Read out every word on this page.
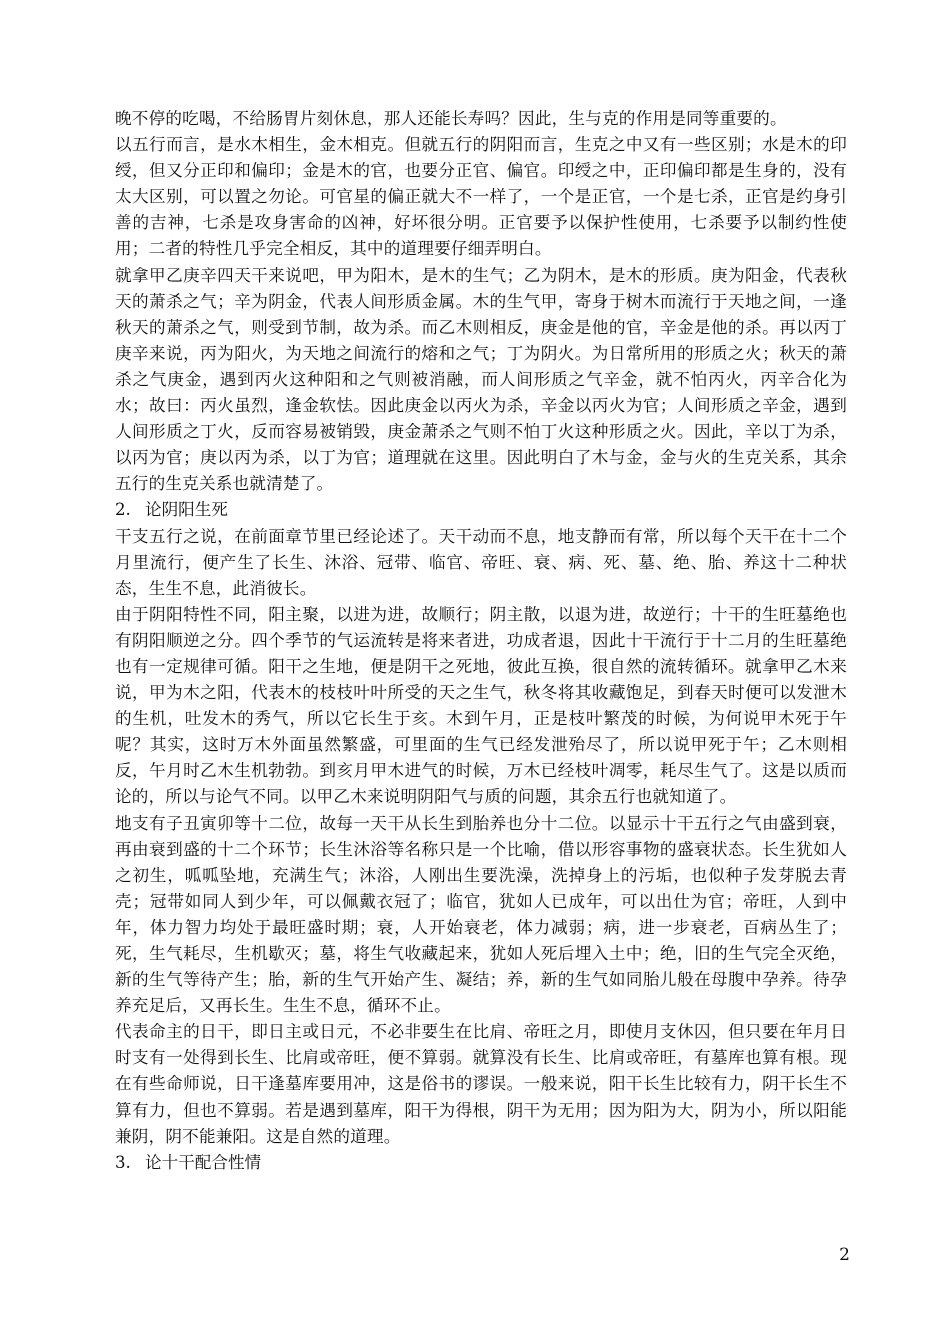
晚不停的吃喝，不给肠胃片刻休息，那人还能长寿吗？因此，生与克的作用是同等重要的。

以五行而言，是水木相生，金木相克。但就五行的阴阳而言，生克之中又有一些区别；水是木的印绶，但又分正印和偏印；金是木的官，也要分正官、偏官。印绶之中，正印偏印都是生身的，没有太大区别，可以置之勿论。可官星的偏正就大不一样了，一个是正官，一个是七杀，正官是约身引善的吉神，七杀是攻身害命的凶神，好坏很分明。正官要予以保护性使用，七杀要予以制约性使用；二者的特性几乎完全相反，其中的道理要仔细弄明白。

就拿甲乙庚辛四天干来说吧，甲为阳木，是木的生气；乙为阴木，是木的形质。庚为阳金，代表秋天的萧杀之气；辛为阴金，代表人间形质金属。木的生气甲，寄身于树木而流行于天地之间，一逢秋天的萧杀之气，则受到节制，故为杀。而乙木则相反，庚金是他的官，辛金是他的杀。再以丙丁庚辛来说，丙为阳火，为天地之间流行的熔和之气；丁为阴火。为日常所用的形质之火；秋天的萧杀之气庚金，遇到丙火这种阳和之气则被消融，而人间形质之气辛金，就不怕丙火，丙辛合化为水；故曰：丙火虽烈，逢金软怯。因此庚金以丙火为杀，辛金以丙火为官；人间形质之辛金，遇到人间形质之丁火，反而容易被销毁，庚金萧杀之气则不怕丁火这种形质之火。因此，辛以丁为杀，以丙为官；庚以丙为杀，以丁为官；道理就在这里。因此明白了木与金，金与火的生克关系，其余五行的生克关系也就清楚了。

2. 论阴阳生死

干支五行之说，在前面章节里已经论述了。天干动而不息，地支静而有常，所以每个天干在十二个月里流行，便产生了长生、沐浴、冠带、临官、帝旺、衰、病、死、墓、绝、胎、养这十二种状态，生生不息，此消彼长。

由于阴阳特性不同，阳主聚，以进为进，故顺行；阴主散，以退为进，故逆行；十干的生旺墓绝也有阴阳顺逆之分。四个季节的气运流转是将来者进，功成者退，因此十干流行于十二月的生旺墓绝也有一定规律可循。阳干之生地，便是阴干之死地，彼此互换，很自然的流转循环。就拿甲乙木来说，甲为木之阳，代表木的枝枝叶叶所受的天之生气，秋冬将其收藏饱足，到春天时便可以发泄木的生机，吐发木的秀气，所以它长生于亥。木到午月，正是枝叶繁茂的时候，为何说甲木死于午呢？其实，这时万木外面虽然繁盛，可里面的生气已经发泄殆尽了，所以说甲死于午；乙木则相反，午月时乙木生机勃勃。到亥月甲木进气的时候，万木已经枝叶凋零，耗尽生气了。这是以质而论的，所以与论气不同。以甲乙木来说明阴阳气与质的问题，其余五行也就知道了。

地支有子丑寅卯等十二位，故每一天干从长生到胎养也分十二位。以显示十干五行之气由盛到衰，再由衰到盛的十二个环节；长生沐浴等名称只是一个比喻，借以形容事物的盛衰状态。长生犹如人之初生，呱呱坠地，充满生气；沐浴，人刚出生要洗澡，洗掉身上的污垢，也似种子发芽脱去青壳；冠带如同人到少年，可以佩戴衣冠了；临官，犹如人已成年，可以出仕为官；帝旺，人到中年，体力智力均处于最旺盛时期；衰，人开始衰老，体力减弱；病，进一步衰老，百病丛生了；死，生气耗尽，生机歇灭；墓，将生气收藏起来，犹如人死后埋入土中；绝，旧的生气完全灭绝，新的生气等待产生；胎，新的生气开始产生、凝结；养，新的生气如同胎儿般在母腹中孕养。待孕养充足后，又再长生。生生不息，循环不止。

代表命主的日干，即日主或日元，不必非要生在比肩、帝旺之月，即使月支休囚，但只要在年月日时支有一处得到长生、比肩或帝旺，便不算弱。就算没有长生、比肩或帝旺，有墓库也算有根。现在有些命师说，日干逢墓库要用冲，这是俗书的谬误。一般来说，阳干长生比较有力，阴干长生不算有力，但也不算弱。若是遇到墓库，阳干为得根，阴干为无用；因为阳为大，阴为小，所以阳能兼阴，阴不能兼阳。这是自然的道理。

3. 论十干配合性情

2
